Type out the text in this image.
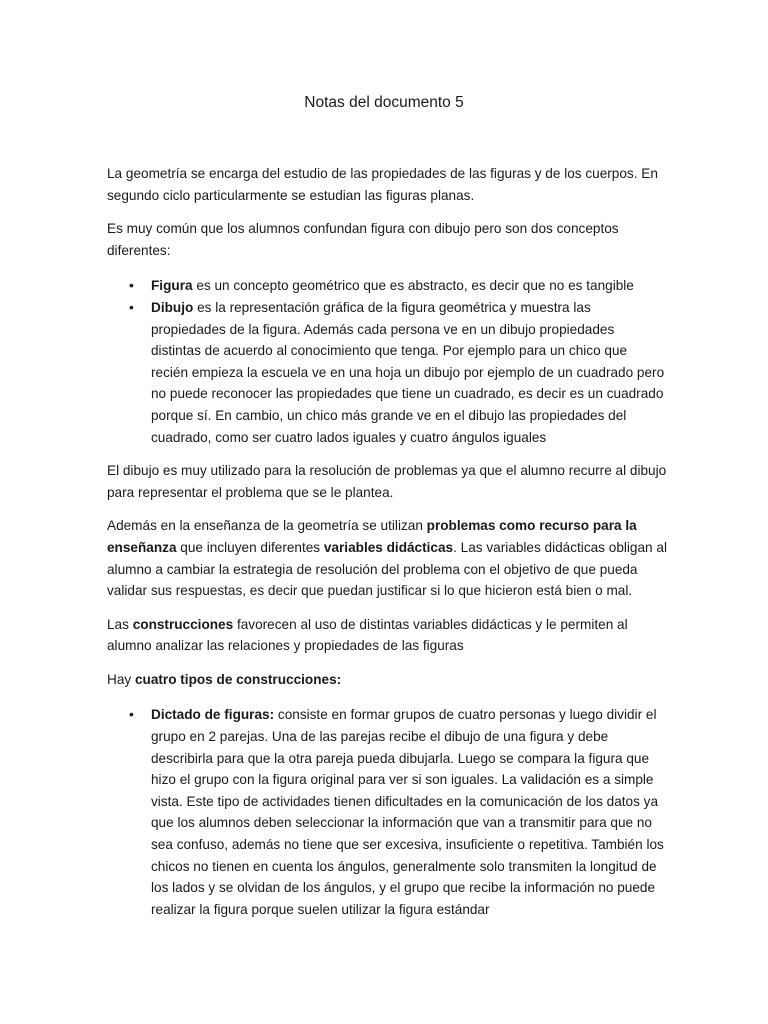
Notas del documento 5

La geometría se encarga del estudio de las propiedades de las figuras y de los cuerpos. En segundo ciclo particularmente se estudian las figuras planas.

Es muy común que los alumnos confundan figura con dibujo pero son dos conceptos diferentes:

• Figura es un concepto geométrico que es abstracto, es decir que no es tangible
• Dibujo es la representación gráfica de la figura geométrica y muestra las propiedades de la figura. Además cada persona ve en un dibujo propiedades distintas de acuerdo al conocimiento que tenga. Por ejemplo para un chico que recién empieza la escuela ve en una hoja un dibujo por ejemplo de un cuadrado pero no puede reconocer las propiedades que tiene un cuadrado, es decir es un cuadrado porque sí. En cambio, un chico más grande ve en el dibujo las propiedades del cuadrado, como ser cuatro lados iguales y cuatro ángulos iguales

El dibujo es muy utilizado para la resolución de problemas ya que el alumno recurre al dibujo para representar el problema que se le plantea.

Además en la enseñanza de la geometría se utilizan problemas como recurso para la enseñanza que incluyen diferentes variables didácticas. Las variables didácticas obligan al alumno a cambiar la estrategia de resolución del problema con el objetivo de que pueda validar sus respuestas, es decir que puedan justificar si lo que hicieron está bien o mal.

Las construcciones favorecen al uso de distintas variables didácticas y le permiten al alumno analizar las relaciones y propiedades de las figuras

Hay cuatro tipos de construcciones:

• Dictado de figuras: consiste en formar grupos de cuatro personas y luego dividir el grupo en 2 parejas. Una de las parejas recibe el dibujo de una figura y debe describirla para que la otra pareja pueda dibujarla. Luego se compara la figura que hizo el grupo con la figura original para ver si son iguales. La validación es a simple vista. Este tipo de actividades tienen dificultades en la comunicación de los datos ya que los alumnos deben seleccionar la información que van a transmitir para que no sea confuso, además no tiene que ser excesiva, insuficiente o repetitiva. También los chicos no tienen en cuenta los ángulos, generalmente solo transmiten la longitud de los lados y se olvidan de los ángulos, y el grupo que recibe la información no puede realizar la figura porque suelen utilizar la figura estándar
